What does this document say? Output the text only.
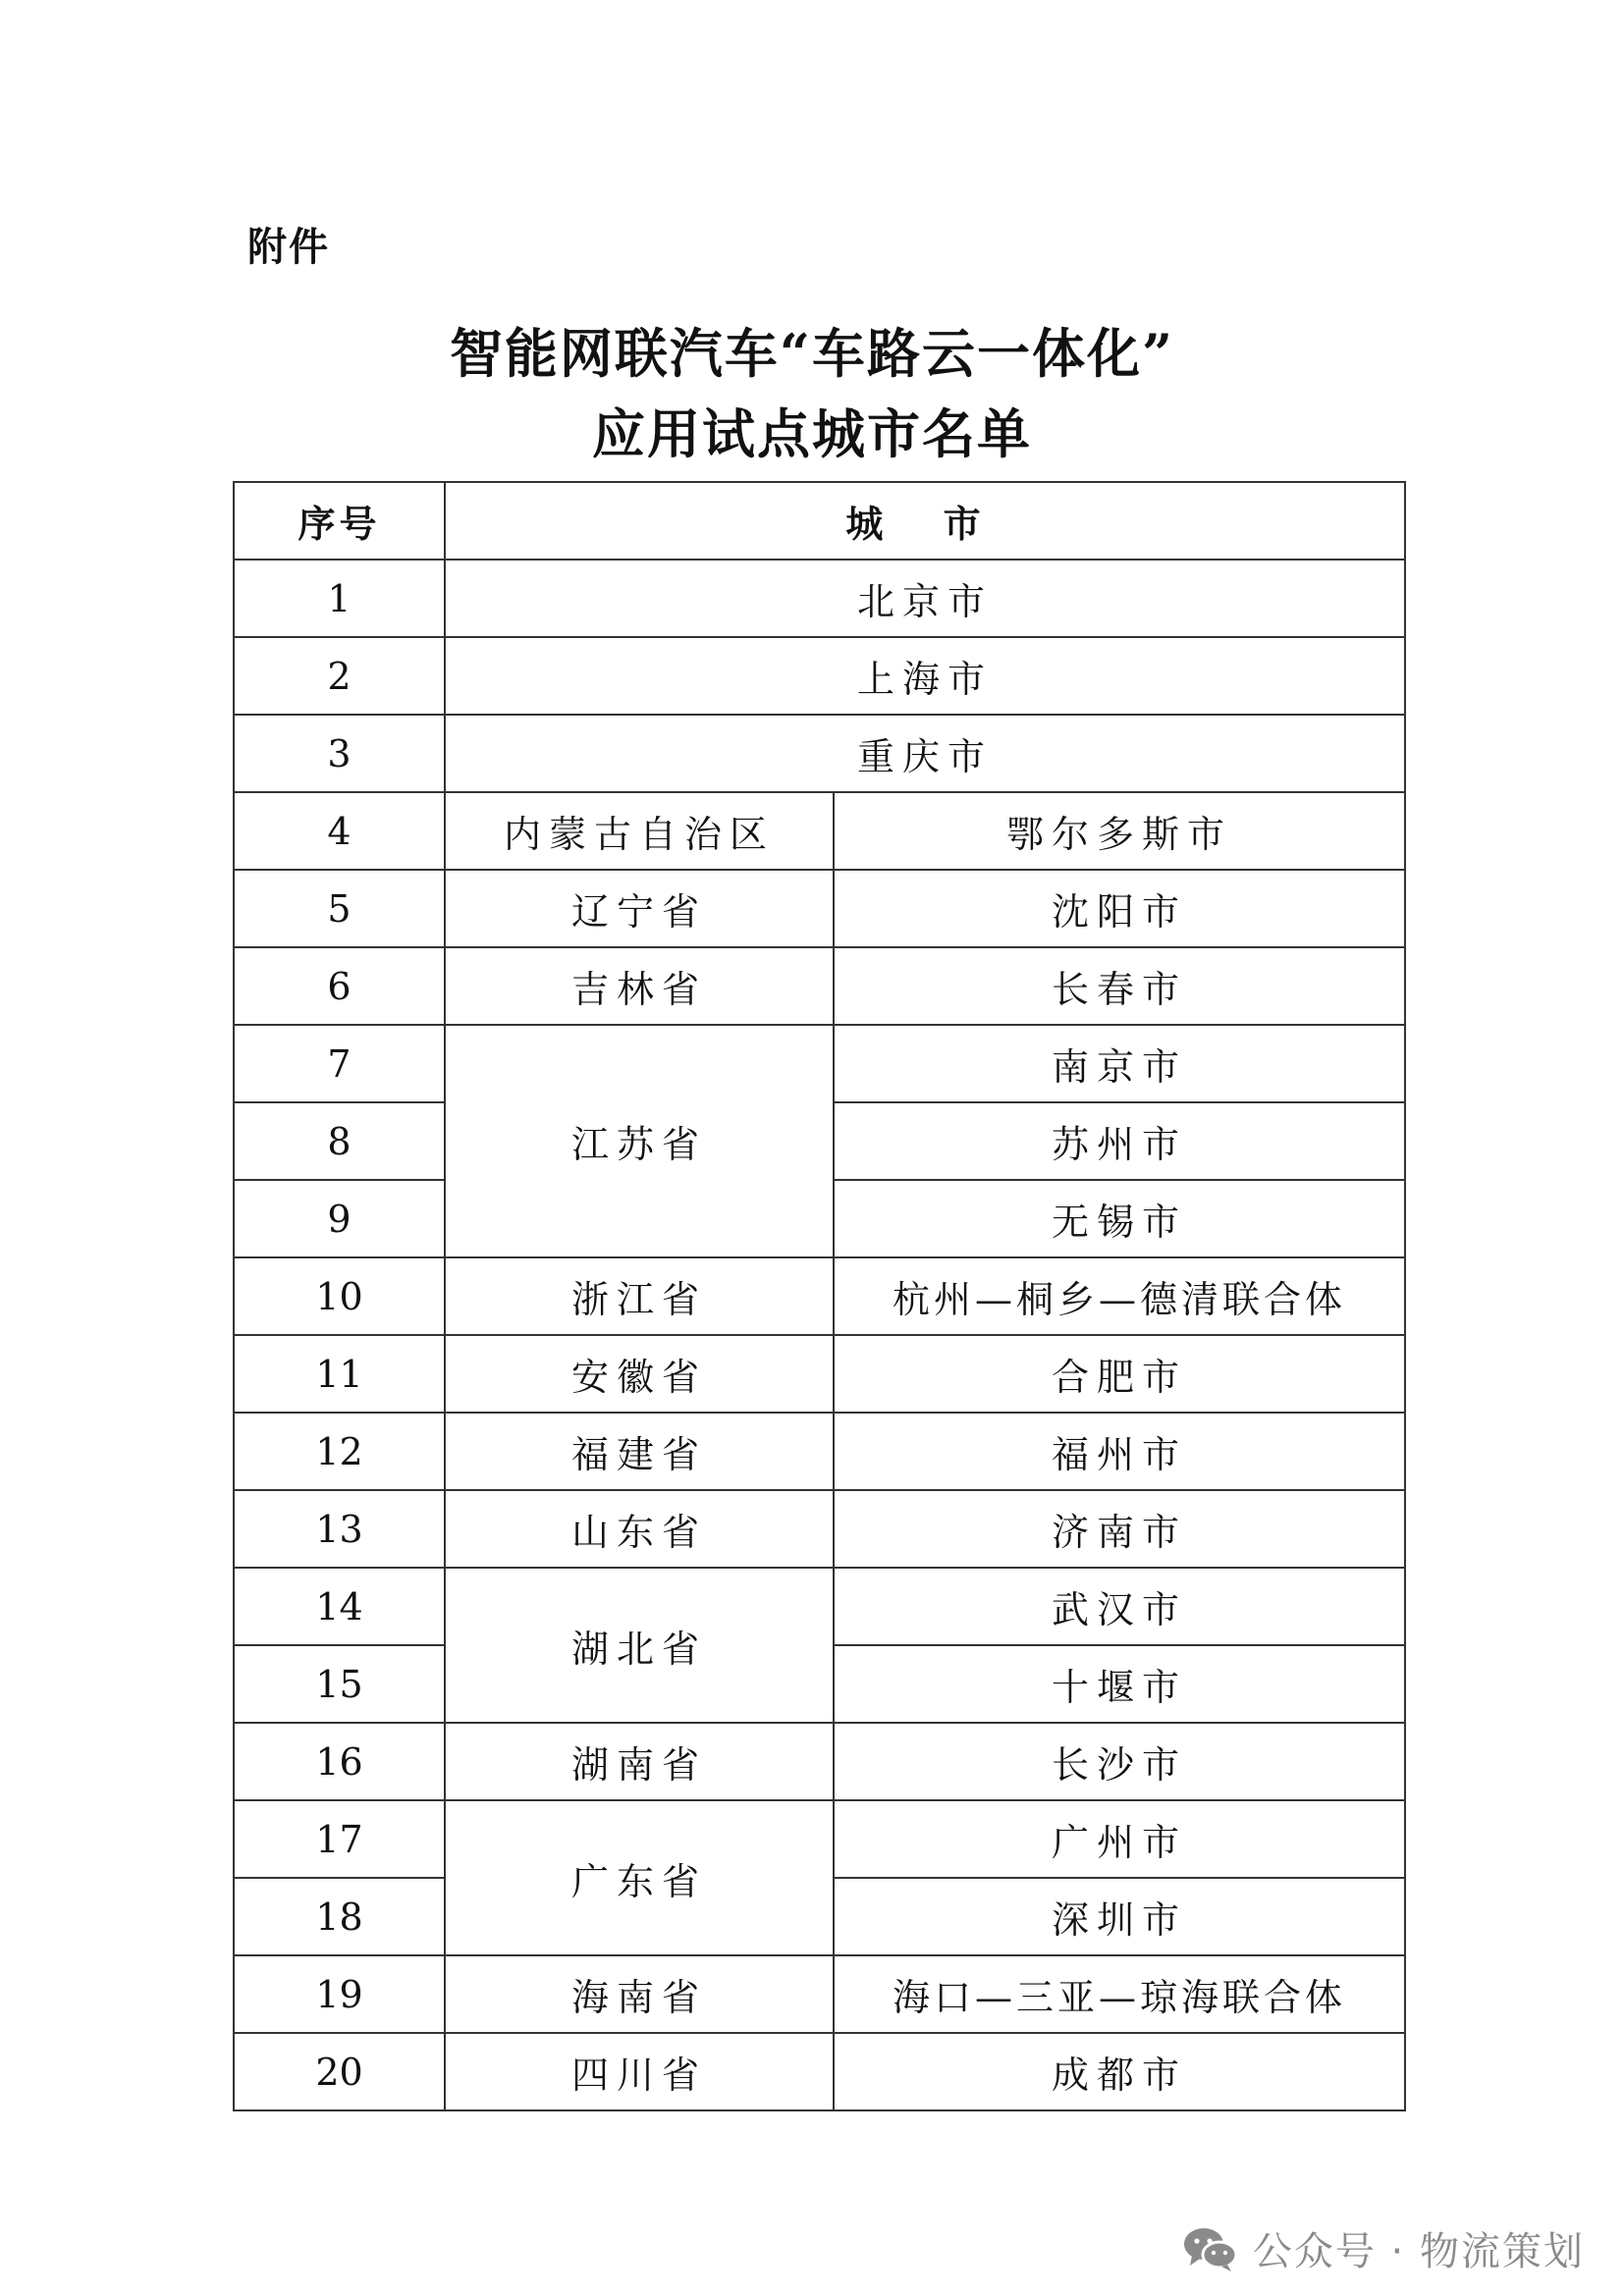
附件
智能网联汽车“车路云一体化”
应用试点城市名单
序号	城 市	
1	北京市	
2	上海市	
3	重庆市	
4	内蒙古自治区	鄂尔多斯市
5	辽宁省	沈阳市
6	吉林省	长春市
7	江苏省	南京市
8		苏州市
9		无锡市
10	浙江省	杭州—桐乡—德清联合体
11	安徽省	合肥市
12	福建省	福州市
13	山东省	济南市
14	湖北省	武汉市
15		十堰市
16	湖南省	长沙市
17	广东省	广州市
18		深圳市
19	海南省	海口—三亚—琼海联合体
20	四川省	成都市
公众号 · 物流策划
